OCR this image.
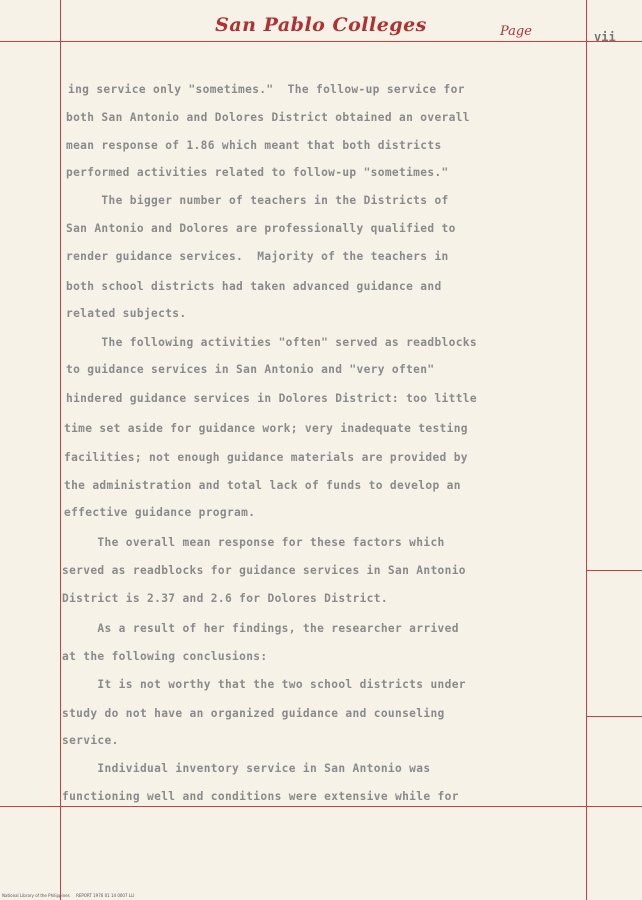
San Pablo Colleges	Page	vii
ing service only "sometimes."  The follow-up service for
both San Antonio and Dolores District obtained an overall
mean response of 1.86 which meant that both districts
performed activities related to follow-up "sometimes."
The bigger number of teachers in the Districts of
San Antonio and Dolores are professionally qualified to
render guidance services.  Majority of the teachers in
both school districts had taken advanced guidance and
related subjects.
The following activities "often" served as readblocks
to guidance services in San Antonio and "very often"
hindered guidance services in Dolores District: too little
time set aside for guidance work; very inadequate testing
facilities; not enough guidance materials are provided by
the administration and total lack of funds to develop an
effective guidance program.
The overall mean response for these factors which
served as readblocks for guidance services in San Antonio
District is 2.37 and 2.6 for Dolores District.
As a result of her findings, the researcher arrived
at the following conclusions:
It is not worthy that the two school districts under
study do not have an organized guidance and counseling
service.
Individual inventory service in San Antonio was
functioning well and conditions were extensive while for
National Library of the Philippines     REPORT 1976 01 14 0007 LLI
